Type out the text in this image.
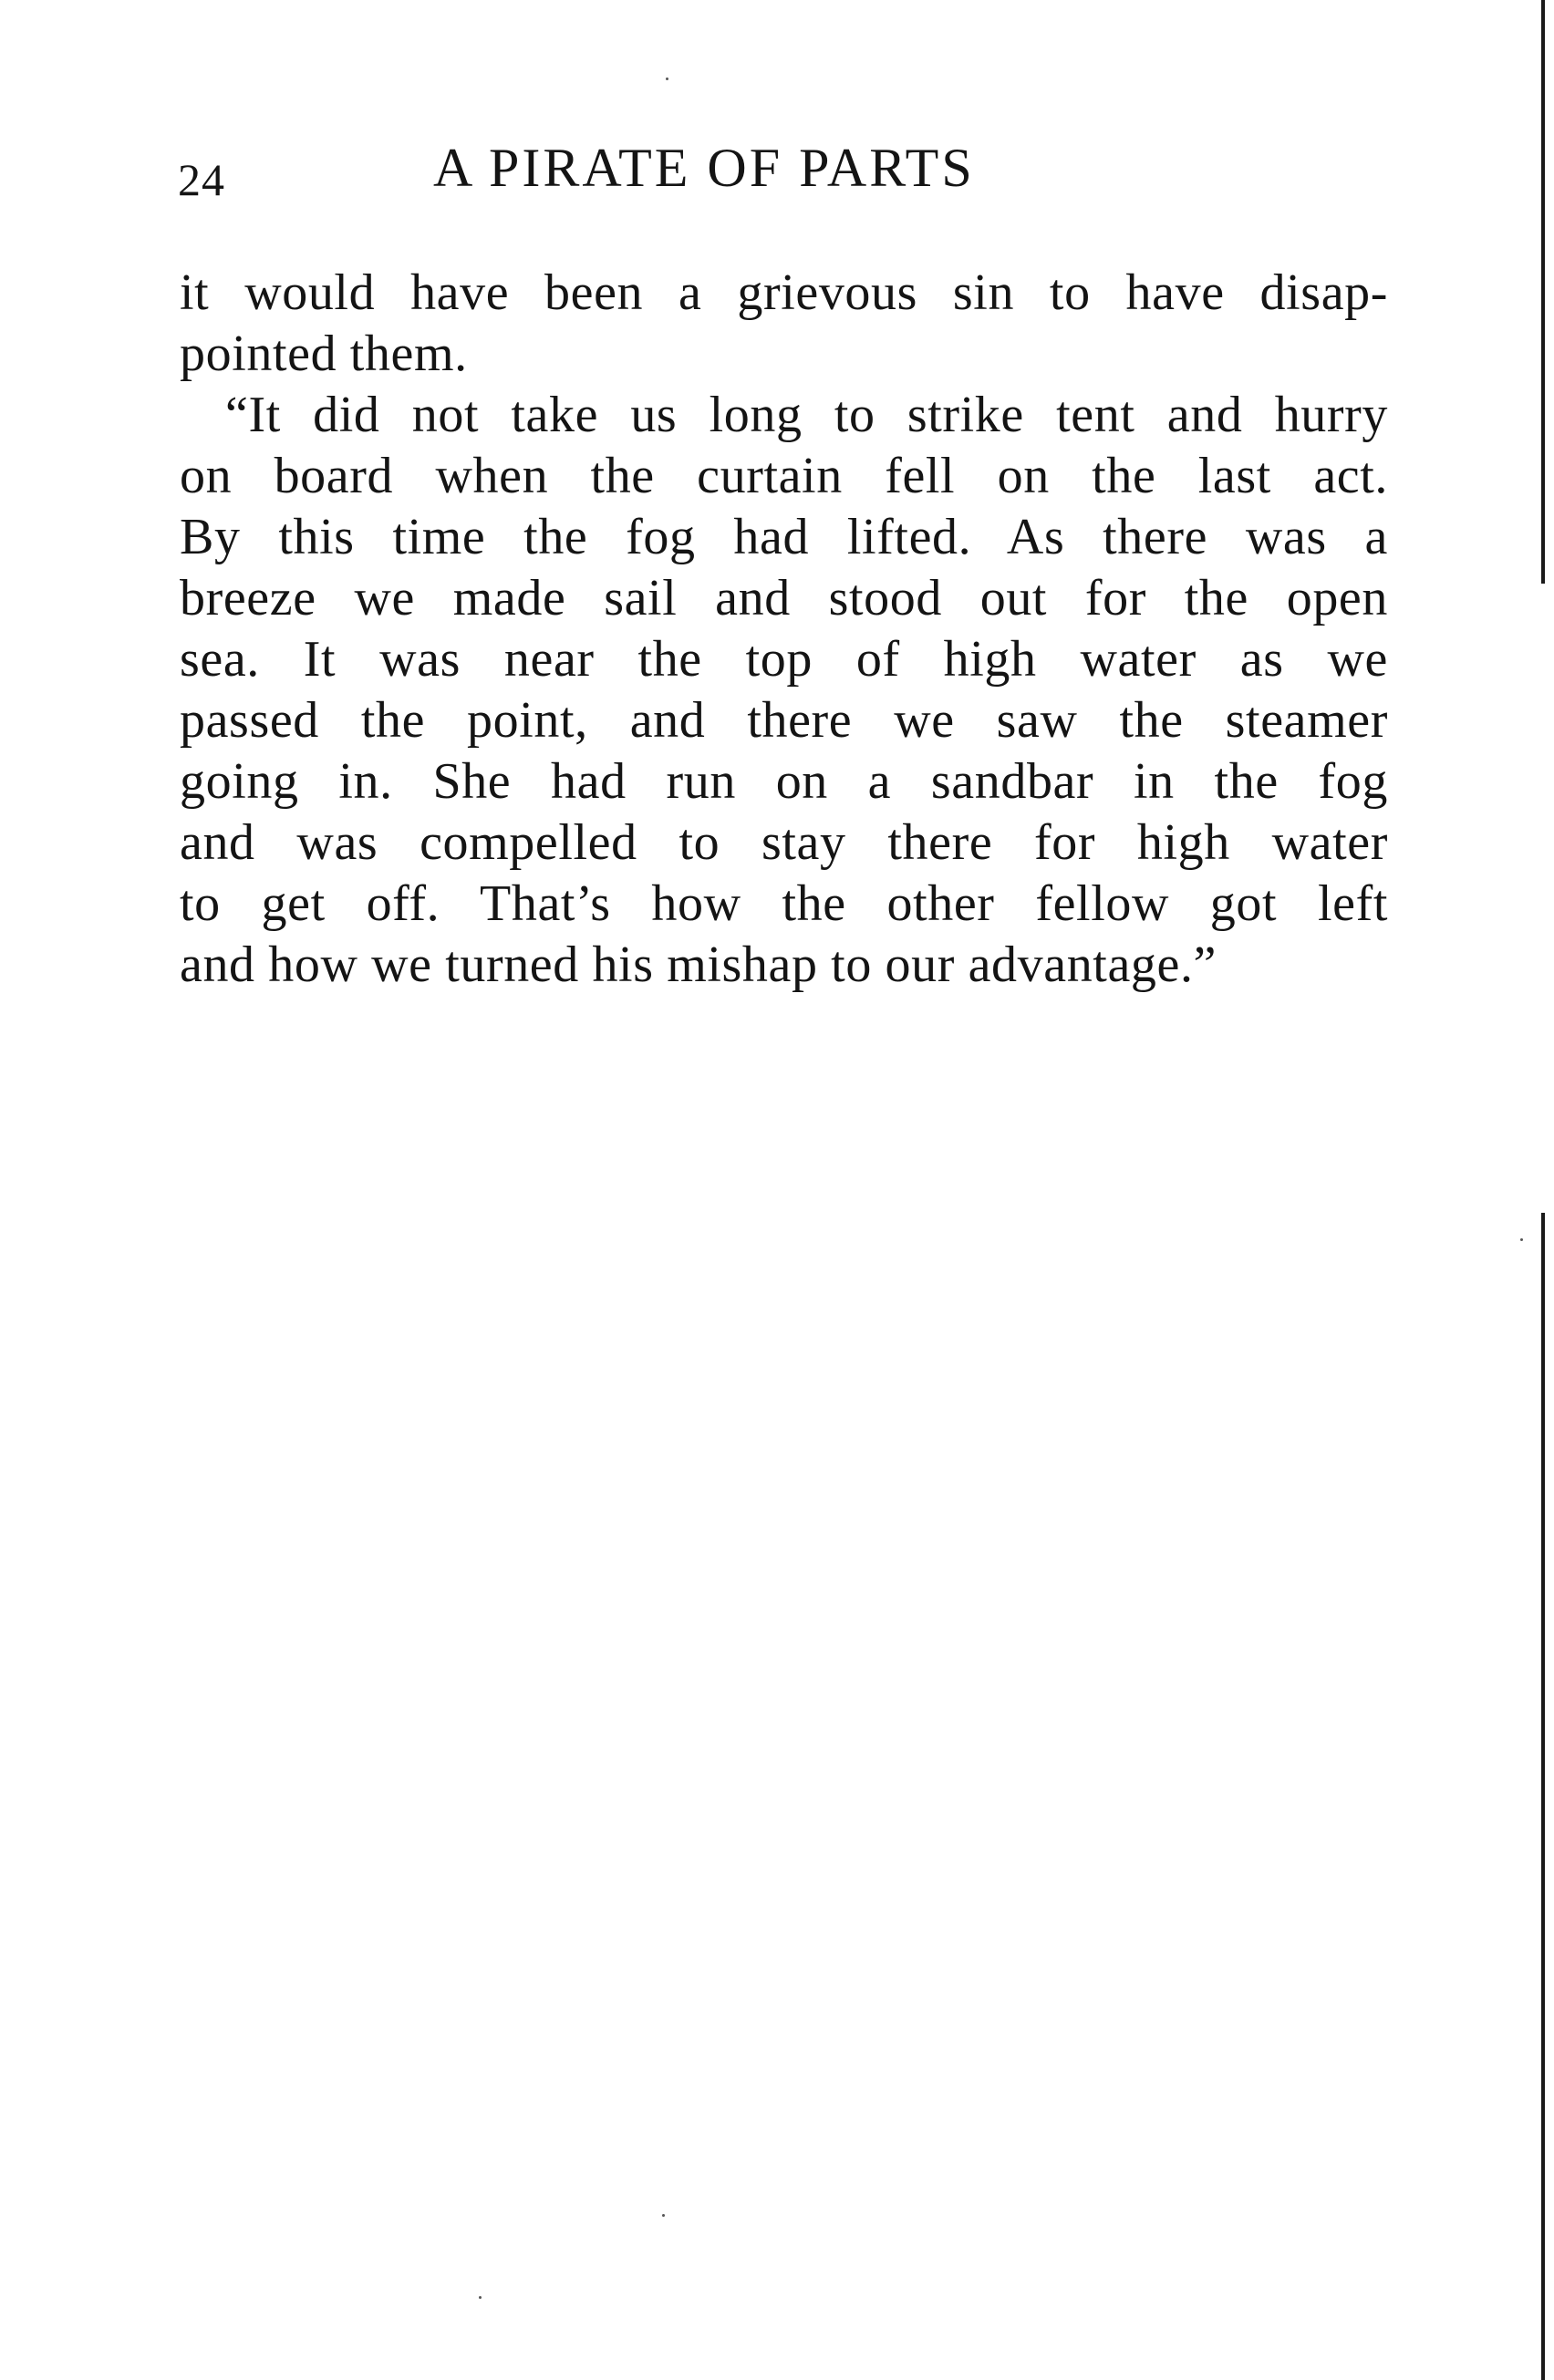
24	A PIRATE OF PARTS
it would have been a grievous sin to have disap-
pointed them.
“It did not take us long to strike tent and hurry
on board when the curtain fell on the last act.
By this time the fog had lifted. As there was a
breeze we made sail and stood out for the open
sea. It was near the top of high water as we
passed the point, and there we saw the steamer
going in. She had run on a sandbar in the fog
and was compelled to stay there for high water
to get off. That’s how the other fellow got left
and how we turned his mishap to our advantage.”
